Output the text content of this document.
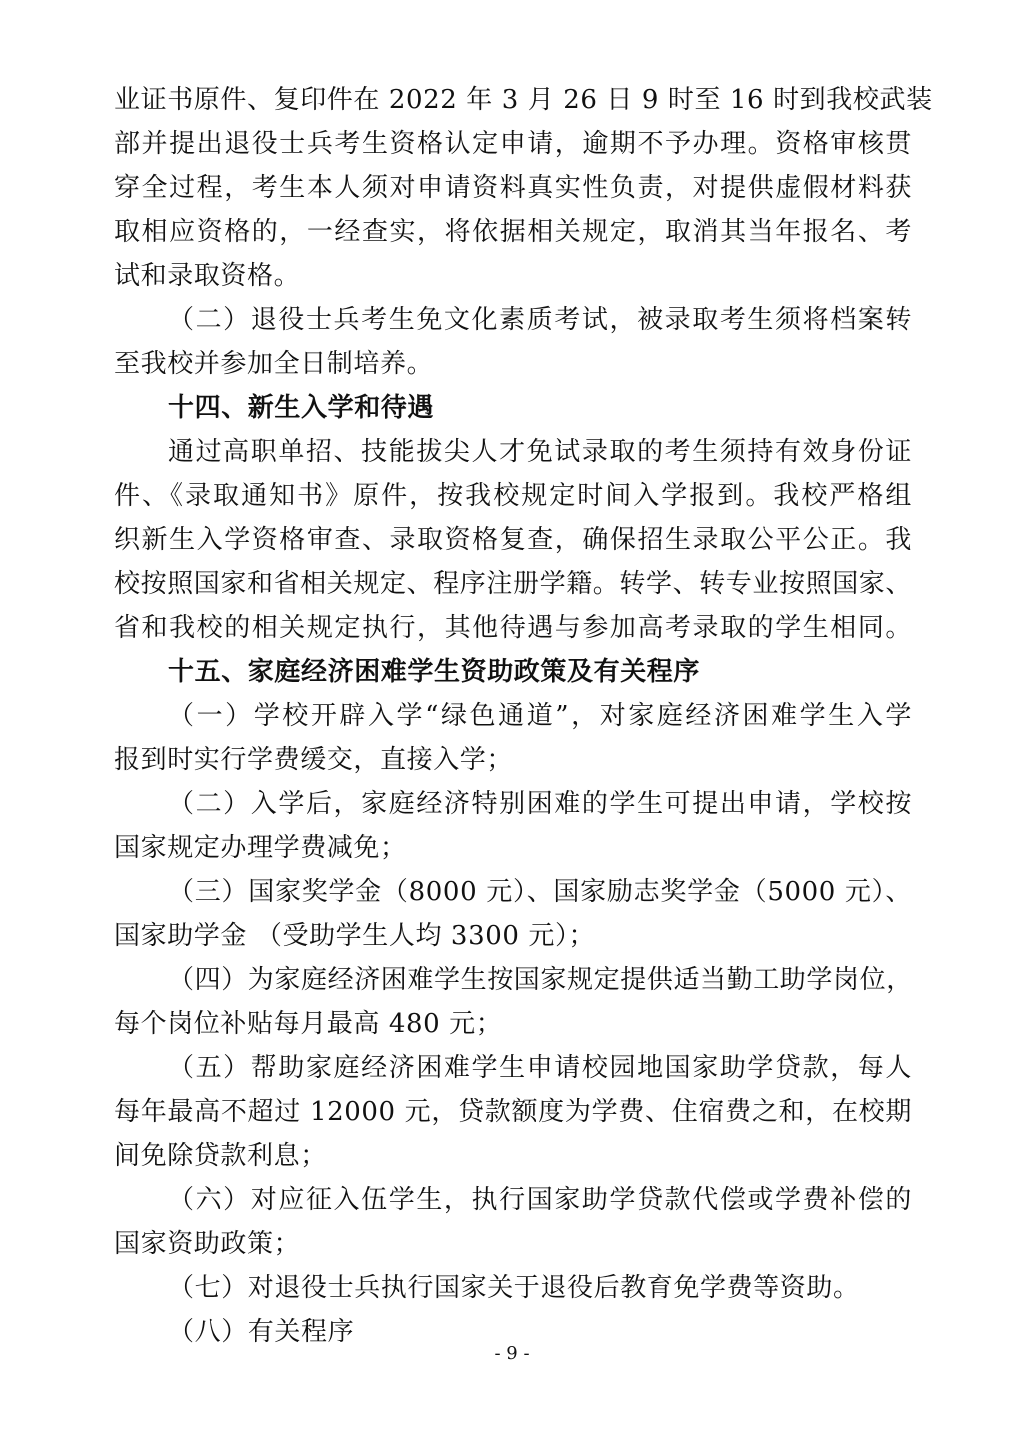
业证书原件、复印件在 2022 年 3 月 26 日 9 时至 16 时到我校武装
部并提出退役士兵考生资格认定申请，逾期不予办理。资格审核贯
穿全过程，考生本人须对申请资料真实性负责，对提供虚假材料获
取相应资格的，一经查实，将依据相关规定，取消其当年报名、考
试和录取资格。
（二）退役士兵考生免文化素质考试，被录取考生须将档案转
至我校并参加全日制培养。
十四、新生入学和待遇
通过高职单招、技能拔尖人才免试录取的考生须持有效身份证
件、《录取通知书》原件，按我校规定时间入学报到。我校严格组
织新生入学资格审查、录取资格复查，确保招生录取公平公正。我
校按照国家和省相关规定、程序注册学籍。转学、转专业按照国家、
省和我校的相关规定执行，其他待遇与参加高考录取的学生相同。
十五、家庭经济困难学生资助政策及有关程序
（一）学校开辟入学“绿色通道”，对家庭经济困难学生入学
报到时实行学费缓交，直接入学；
（二）入学后，家庭经济特别困难的学生可提出申请，学校按
国家规定办理学费减免；
（三）国家奖学金（8000 元）、国家励志奖学金（5000 元）、
国家助学金 （受助学生人均 3300 元）；
（四）为家庭经济困难学生按国家规定提供适当勤工助学岗位，
每个岗位补贴每月最高 480 元；
（五）帮助家庭经济困难学生申请校园地国家助学贷款，每人
每年最高不超过 12000 元，贷款额度为学费、住宿费之和，在校期
间免除贷款利息；
（六）对应征入伍学生，执行国家助学贷款代偿或学费补偿的
国家资助政策；
（七）对退役士兵执行国家关于退役后教育免学费等资助。
（八）有关程序
- 9 -
